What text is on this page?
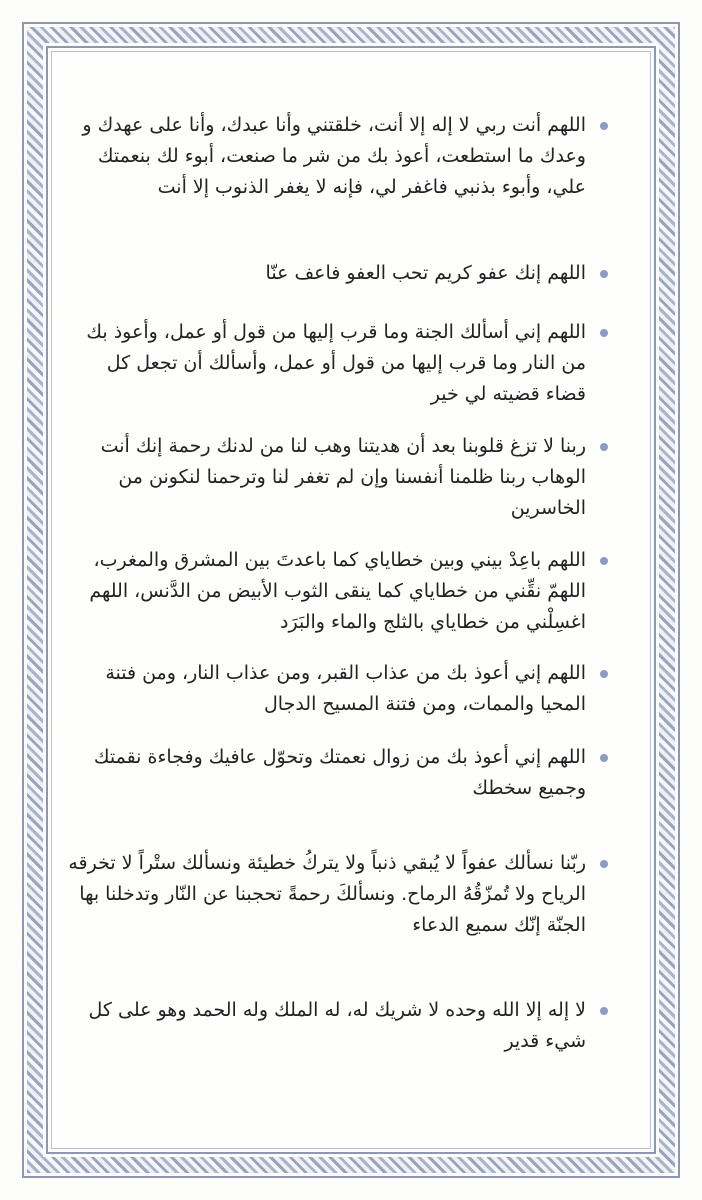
اللهم أنت ربي لا إله إلا أنت، خلقتني وأنا عبدك، وأنا على عهدك و وعدك ما استطعت، أعوذ بك من شر ما صنعت، أبوء لك بنعمتك علي، وأبوء بذنبي فاغفر لي، فإنه لا يغفر الذنوب إلا أنت
اللهم إنك عفو كريم تحب العفو فاعف عنّا
اللهم إني أسألك الجنة وما قرب إليها من قول أو عمل، وأعوذ بك من النار وما قرب إليها من قول أو عمل، وأسألك أن تجعل كل قضاء قضيته لي خير
ربنا لا تزغ قلوبنا بعد أن هديتنا وهب لنا من لدنك رحمة إنك أنت الوهاب ربنا ظلمنا أنفسنا وإن لم تغفر لنا وترحمنا لنكونن من الخاسرين
اللهم باعِدْ بيني وبين خطاياي كما باعدتَ بين المشرق والمغرب، اللهمّ نقِّني من خطاياي كما ينقى الثوب الأبيض من الدَّنس، اللهم اغسِلْني من خطاياي بالثلج والماء والبَرَد
اللهم إني أعوذ بك من عذاب القبر، ومن عذاب النار، ومن فتنة المحيا والممات، ومن فتنة المسيح الدجال
اللهم إني أعوذ بك من زوال نعمتك وتحوّل عافيك وفجاءة نقمتك وجميع سخطك
ربّنا نسألك عفواً لا يُبقي ذنباً ولا يتركُ خطيئة ونسألك ستْراً لا تخرقه الرياح ولا تُمزّقُهُ الرماح. ونسألكَ رحمةً تحجبنا عن النّار وتدخلنا بها الجنّة إنّك سميع الدعاء
لا إله إلا الله وحده لا شريك له، له الملك وله الحمد وهو على كل شيء قدير
